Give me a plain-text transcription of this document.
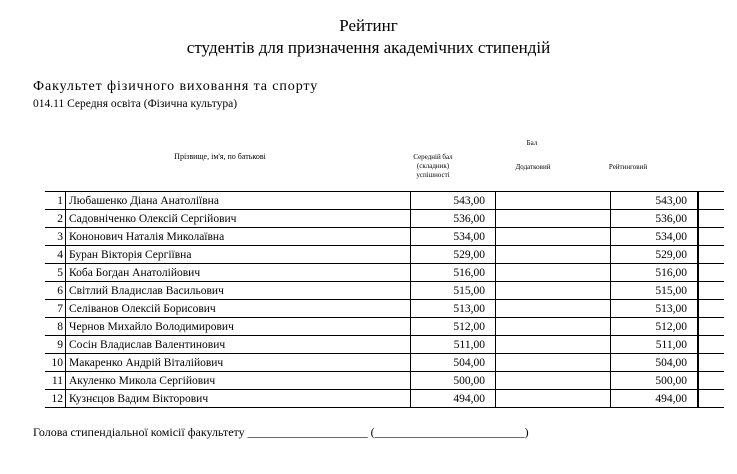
Рейтинг
студентів для призначення академічних стипендій
Факультет фізичного виховання та спорту
014.11 Середня освіта (Фізична культура)
Бал
Прізвище, ім'я, по батькові	Середній бал (складник) успішності
Додатковий	Рейтинговий
1	Любашенко Діана Анатоліївна	543,00		543,00	

2	Садовніченко Олексій Сергійович	536,00		536,00	

3	Кононович Наталія Миколаївна	534,00		534,00	

4	Буран Вікторія Сергіївна	529,00		529,00	

5	Коба Богдан Анатолійович	516,00		516,00	

6	Світлий Владислав Васильович	515,00		515,00	

7	Селіванов Олексій Борисович	513,00		513,00	

8	Чернов Михайло Володимирович	512,00		512,00	

9	Сосін Владислав Валентинович	511,00		511,00	

10	Макаренко Андрій Віталійович	504,00		504,00	

11	Акуленко Микола Сергійович	500,00		500,00	

12	Кузнєцов Вадим Вікторович	494,00		494,00	
Голова стипендіальної комісії факультету ____________________ (_________________________)
